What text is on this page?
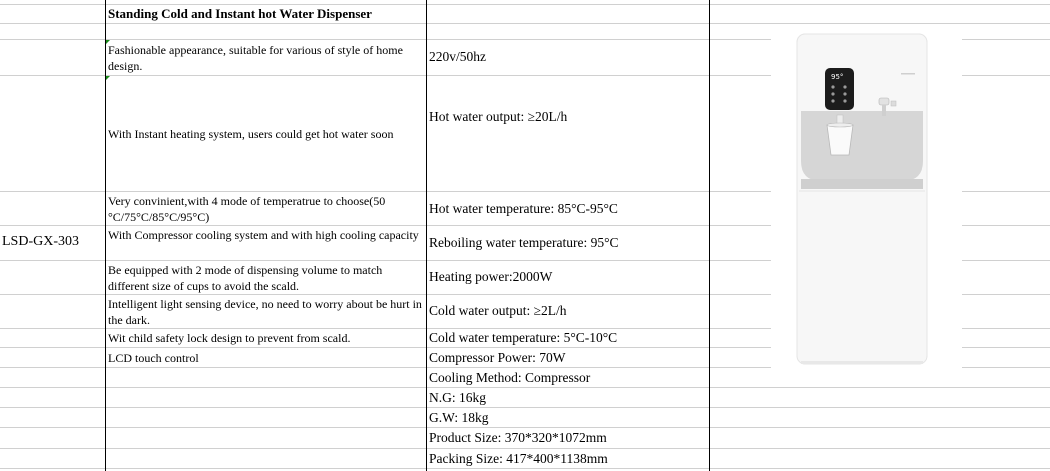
Standing Cold and Instant hot Water Dispenser
LSD-GX-303
Fashionable appearance, suitable for various of style of home design.
With Instant heating system, users could get hot water soon
Very convinient,with 4 mode of temperatrue to choose(50 °C/75°C/85°C/95°C)
With Compressor cooling system and with high cooling capacity
Be equipped with 2 mode of dispensing volume to match different size of cups to avoid the scald.
Intelligent light sensing device, no need to worry about be hurt in the dark.
Wit child safety lock design to prevent from scald.
LCD touch control
220v/50hz
Hot water output: ≥20L/h
Hot water temperature: 85°C-95°C
Reboiling water temperature: 95°C
Heating power:2000W
Cold water output: ≥2L/h
Cold water temperature: 5°C-10°C
Compressor Power: 70W
Cooling Method: Compressor
N.G: 16kg
G.W: 18kg
Product Size: 370*320*1072mm
Packing Size: 417*400*1138mm
95°
